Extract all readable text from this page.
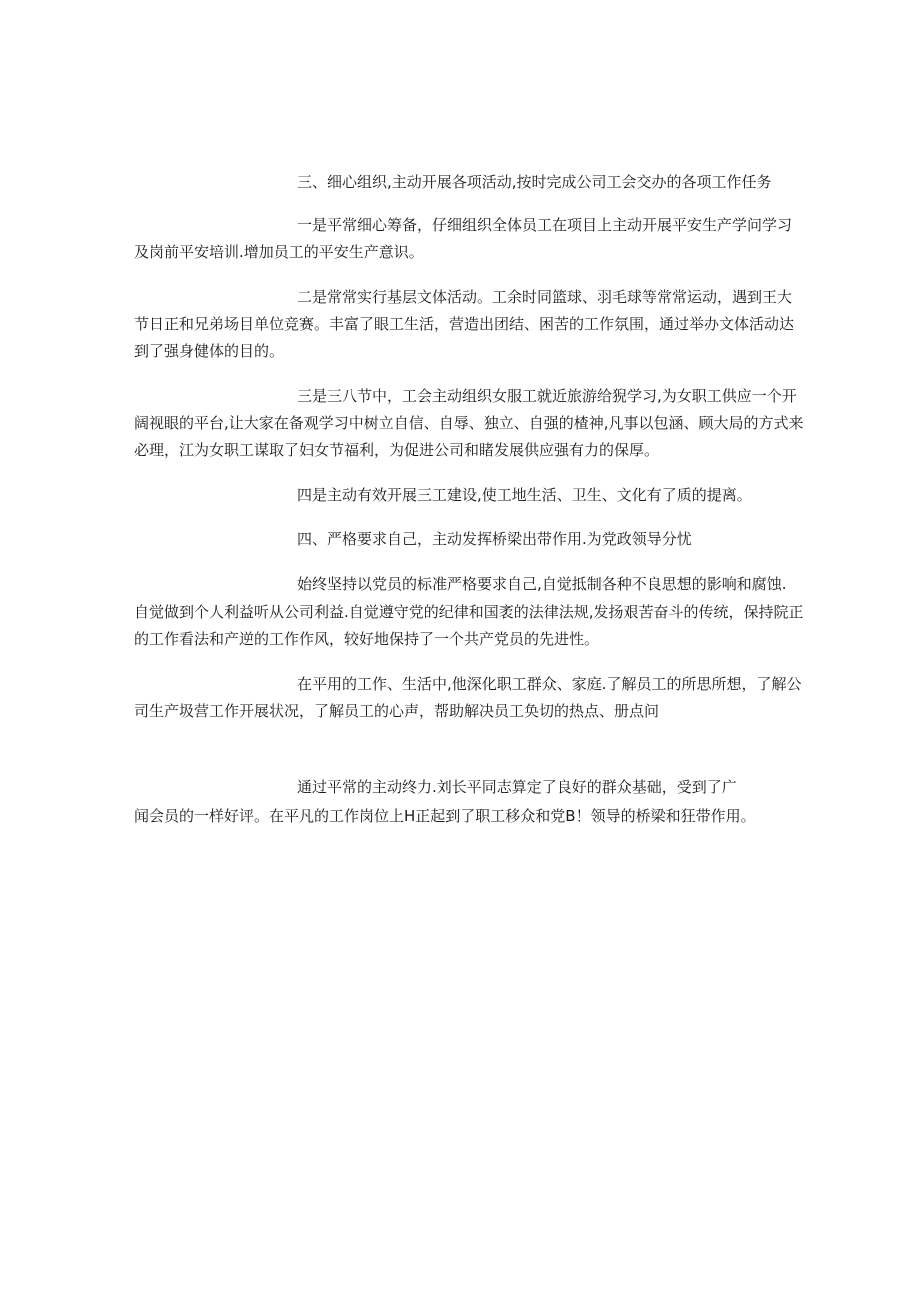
三、细心组织,主动开展各项活动,按时完成公司工会交办的各项工作任务
一是平常细心筹备，仔细组织全体员工在项目上主动开展平安生产学问学习
及岗前平安培训.增加员工的平安生产意识。
二是常常实行基层文体活动。工余时同篮球、羽毛球等常常运动，遇到王大
节日正和兄弟场目单位竞赛。丰富了眼工生活，营造出团结、困苦的工作氛围，通过举办文体活动达
到了强身健体的目的。
三是三八节中，工会主动组织女服工就近旅游给猊学习,为女职工供应一个开
阔视眼的平台,让大家在备观学习中树立自信、自辱、独立、自强的楂神,凡事以包涵、顾大局的方式来
必理，江为女职工谋取了妇女节福利，为促进公司和睹发展供应强有力的保厚。
四是主动有效开展三工建设,使工地生活、卫生、文化有了质的提离。
四、严格要求自己，主动发挥桥梁出带作用.为党政领导分忧
始终坚持以党员的标准严格要求自己,自觉抵制各种不良思想的影响和腐蚀.
自觉做到个人利益听从公司利益.自觉遵守党的纪律和国袤的法律法规,发扬艰苦奋斗的传统，保持院正
的工作看法和产逆的工作作风，较好地保持了一个共产党员的先进性。
在平用的工作、生活中,他深化职工群众、家庭.了解员工的所思所想，了解公
司生产圾营工作开展状况，了解员工的心声，帮助解决员工奂切的热点、册点问
通过平常的主动终力.刘长平同志算定了良好的群众基础，受到了广
闻会员的一样好评。在平凡的工作岗位上H正起到了职工移众和党B！领导的桥梁和狂带作用。
